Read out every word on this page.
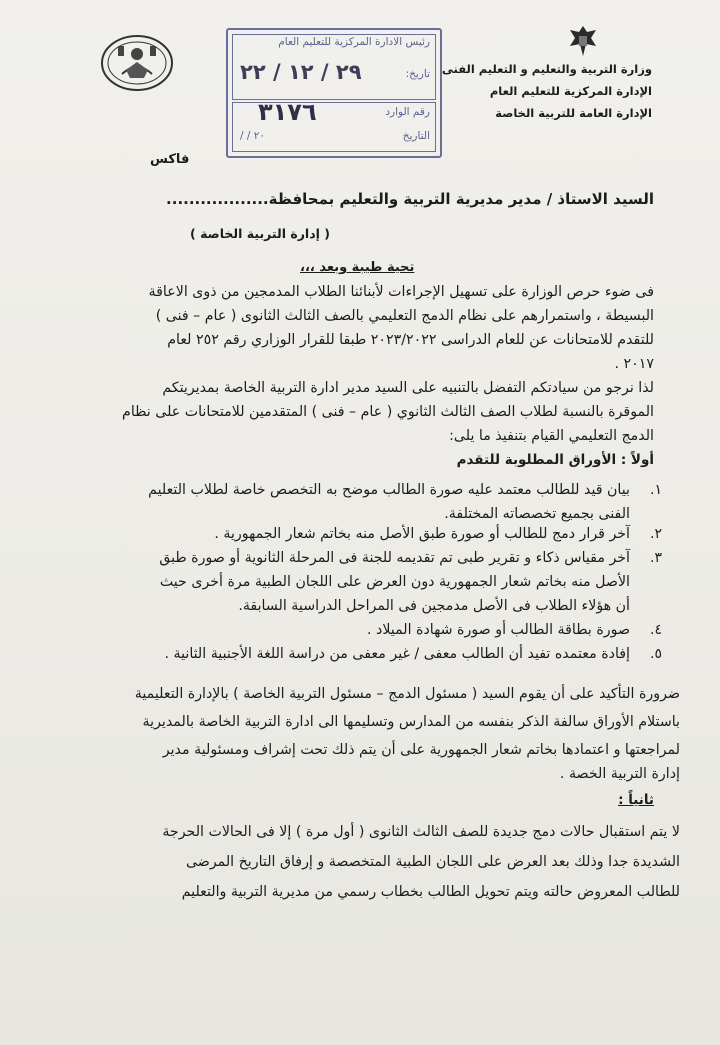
وزارة التربية والتعليم و التعليم الفنى
الإدارة المركزية للتعليم العام
الإدارة العامة للتربية الخاصة
رئيس الادارة المركزية للتعليم العام
تاريخ:
٢٩ / ١٢ / ٢٢
رقم الوارد
٣١٧٦
التاريخ
/ / ٢٠
فاكس
السيد الاستاذ / مدير مديرية التربية والتعليم بمحافظة..................
( إدارة التربية الخاصة )
تحية طيبة وبعد ،،،
فى ضوء حرص الوزارة على تسهيل الإجراءات لأبنائنا الطلاب المدمجين من ذوى الاعاقة
البسيطة ، واستمرارهم على نظام الدمج التعليمي بالصف الثالث الثانوى ( عام – فنى )
للتقدم للامتحانات عن للعام الدراسى ٢٠٢٣/٢٠٢٢ طبقا للقرار الوزاري رقم ٢٥٢ لعام
٢٠١٧ .
لذا نرجو من سيادتكم التفضل بالتنبيه على السيد مدير ادارة التربية الخاصة بمديريتكم
الموقرة بالنسبة لطلاب الصف الثالث الثانوي ( عام – فنى ) المتقدمين للامتحانات على نظام
الدمج التعليمي القيام بتنفيذ ما يلى:
أولاً : الأوراق المطلوبة للتقدم
١.
بيان قيد للطالب معتمد عليه صورة الطالب موضح به التخصص خاصة لطلاب التعليم
الفنى بجميع تخصصاته المختلفة.
٢.
آخر قرار دمج للطالب أو صورة طبق الأصل منه بخاتم شعار الجمهورية .
٣.
آخر مقياس ذكاء و تقرير طبى تم تقديمه للجنة فى المرحلة الثانوية أو صورة طبق
الأصل منه بخاتم شعار الجمهورية دون العرض على اللجان الطبية مرة أخرى حيث
أن هؤلاء الطلاب فى الأصل مدمجين فى المراحل الدراسية السابقة.
٤.
صورة بطاقة الطالب أو صورة شهادة الميلاد .
٥.
إفادة معتمده تفيد أن الطالب معفى / غير معفى من دراسة اللغة الأجنبية الثانية .
ضرورة التأكيد على أن يقوم السيد ( مسئول الدمج – مسئول التربية الخاصة ) بالإدارة التعليمية
باستلام الأوراق سالفة الذكر بنفسه من المدارس وتسليمها الى ادارة التربية الخاصة بالمديرية
لمراجعتها و اعتمادها بخاتم شعار الجمهورية على أن يتم ذلك تحت إشراف ومسئولية مدير
إدارة التربية الخصة .
ثانياً :
لا يتم استقبال حالات دمج جديدة للصف الثالث الثانوى ( أول مرة ) إلا فى الحالات الحرجة
الشديدة جدا وذلك بعد العرض على اللجان الطبية المتخصصة و إرفاق التاريخ المرضى
للطالب المعروض حالته ويتم تحويل الطالب بخطاب رسمي من مديرية التربية والتعليم
